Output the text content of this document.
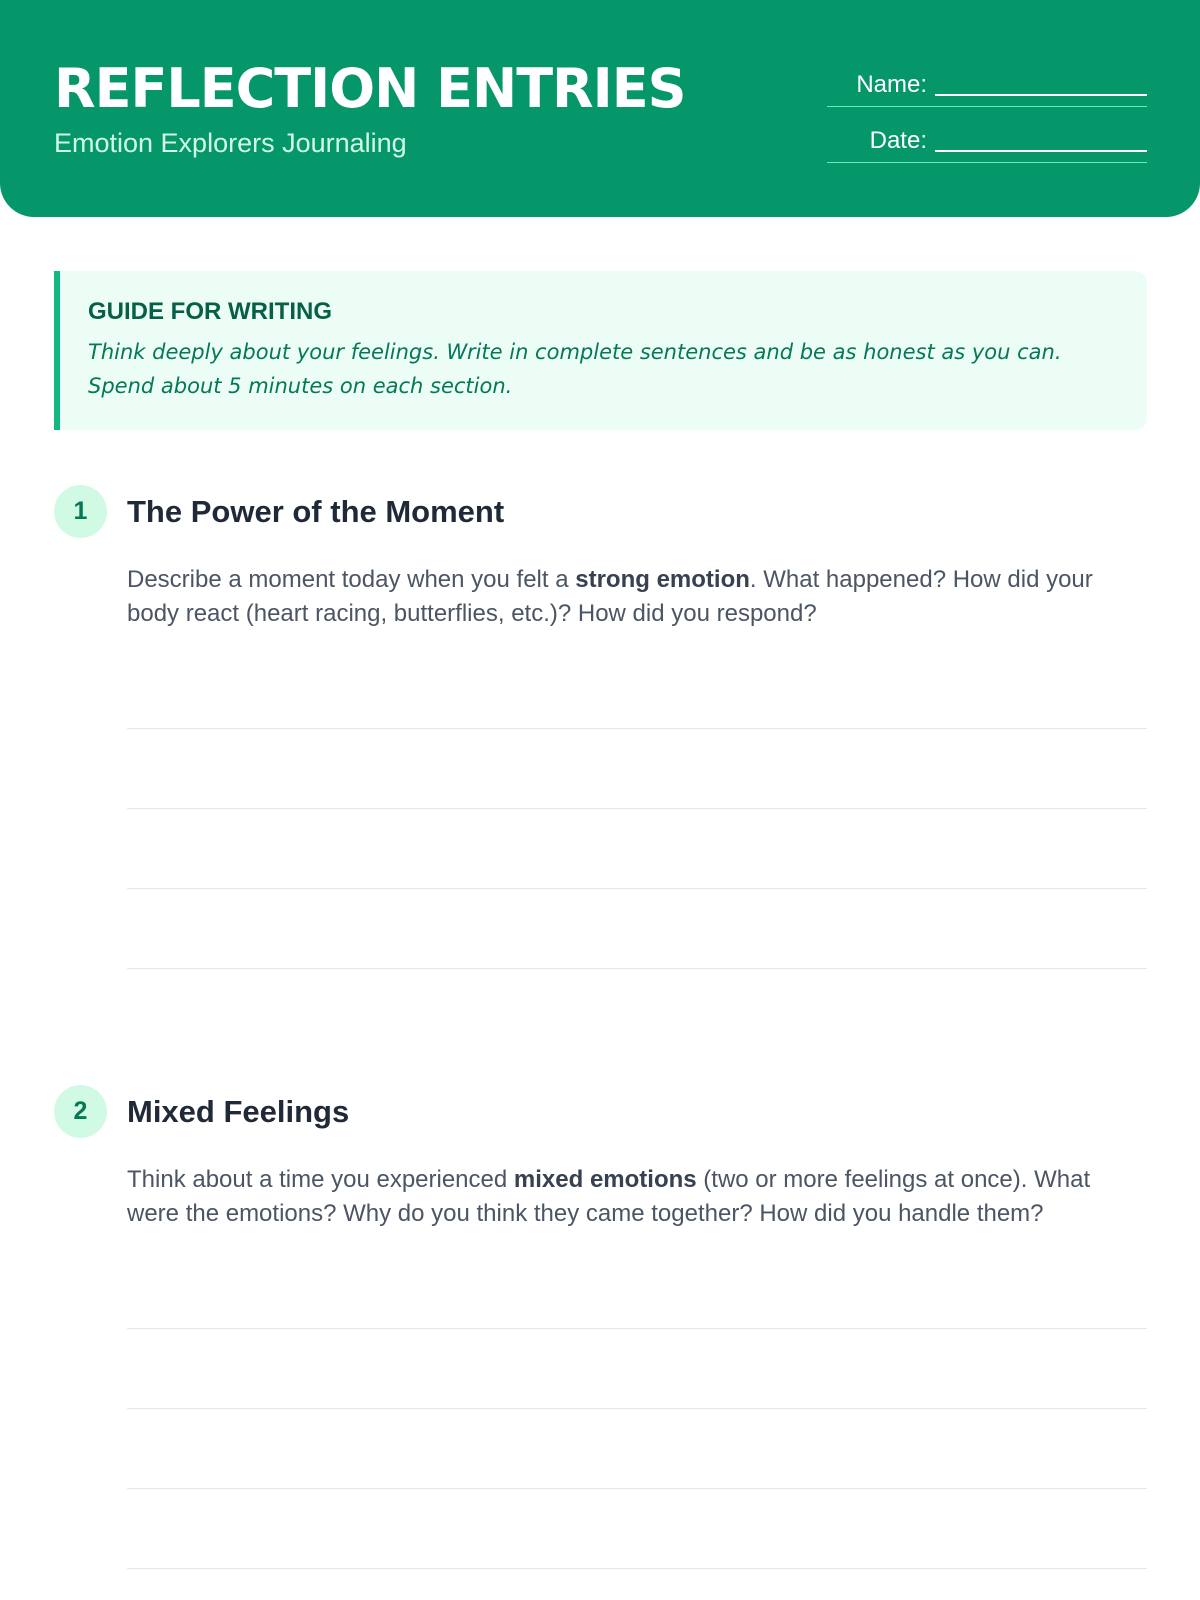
REFLECTION ENTRIES
Emotion Explorers Journaling
Name:
Date:
GUIDE FOR WRITING
Think deeply about your feelings. Write in complete sentences and be as honest as you can. Spend about 5 minutes on each section.
1	The Power of the Moment

Describe a moment today when you felt a strong emotion. What happened? How did your body react (heart racing, butterflies, etc.)? How did you respond?

2	Mixed Feelings

Think about a time you experienced mixed emotions (two or more feelings at once). What were the emotions? Why do you think they came together? How did you handle them?
